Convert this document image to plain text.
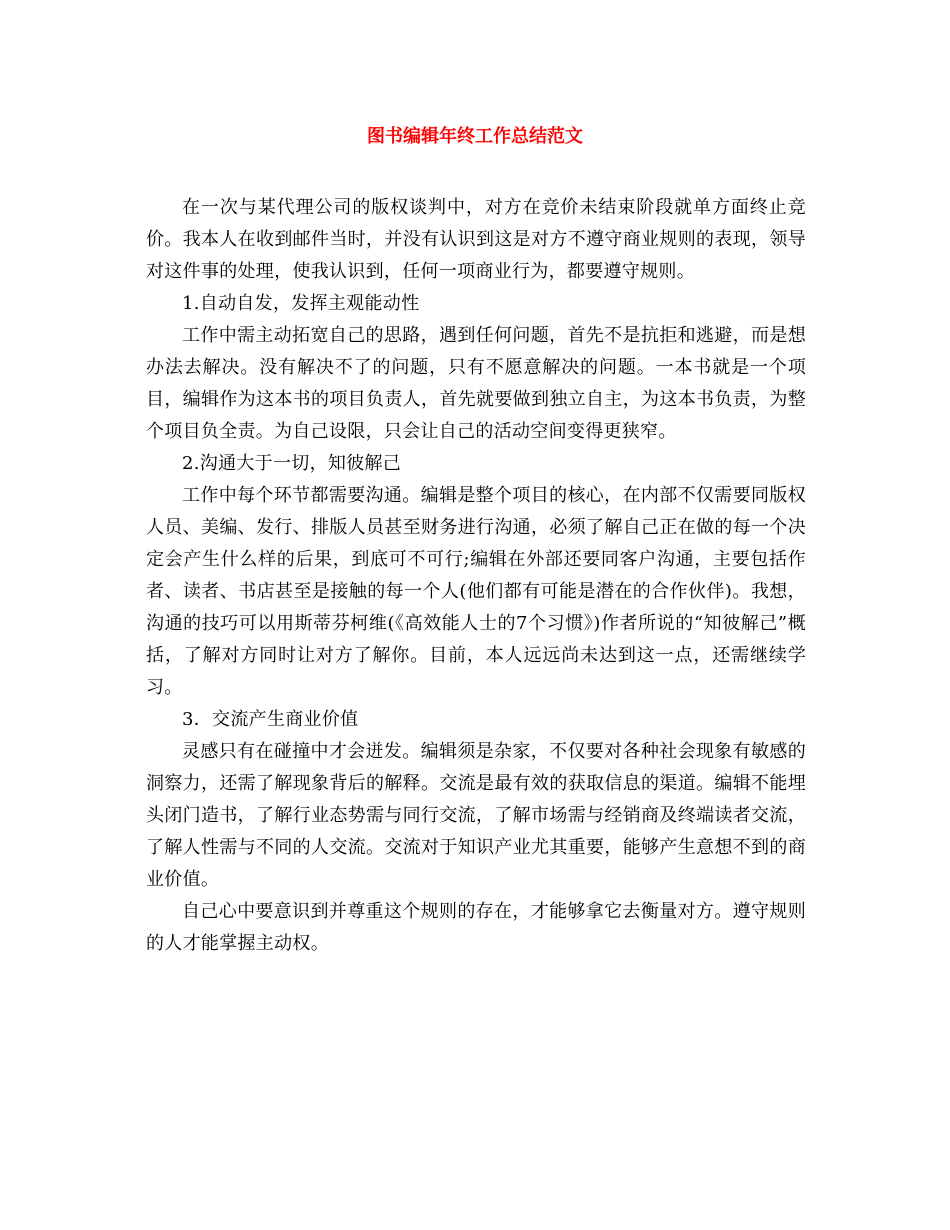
图书编辑年终工作总结范文

在一次与某代理公司的版权谈判中，对方在竞价未结束阶段就单方面终止竞价。我本人在收到邮件当时，并没有认识到这是对方不遵守商业规则的表现，领导对这件事的处理，使我认识到，任何一项商业行为，都要遵守规则。

1.自动自发，发挥主观能动性

工作中需主动拓宽自己的思路，遇到任何问题，首先不是抗拒和逃避，而是想办法去解决。没有解决不了的问题，只有不愿意解决的问题。一本书就是一个项目，编辑作为这本书的项目负责人，首先就要做到独立自主，为这本书负责，为整个项目负全责。为自己设限，只会让自己的活动空间变得更狭窄。

2.沟通大于一切，知彼解己

工作中每个环节都需要沟通。编辑是整个项目的核心，在内部不仅需要同版权人员、美编、发行、排版人员甚至财务进行沟通，必须了解自己正在做的每一个决定会产生什么样的后果，到底可不可行;编辑在外部还要同客户沟通，主要包括作者、读者、书店甚至是接触的每一个人(他们都有可能是潜在的合作伙伴)。我想，沟通的技巧可以用斯蒂芬柯维(《高效能人士的7个习惯》)作者所说的“知彼解己”概括，了解对方同时让对方了解你。目前，本人远远尚未达到这一点，还需继续学习。

3．交流产生商业价值

灵感只有在碰撞中才会迸发。编辑须是杂家，不仅要对各种社会现象有敏感的洞察力，还需了解现象背后的解释。交流是最有效的获取信息的渠道。编辑不能埋头闭门造书，了解行业态势需与同行交流，了解市场需与经销商及终端读者交流，了解人性需与不同的人交流。交流对于知识产业尤其重要，能够产生意想不到的商业价值。

自己心中要意识到并尊重这个规则的存在，才能够拿它去衡量对方。遵守规则的人才能掌握主动权。
